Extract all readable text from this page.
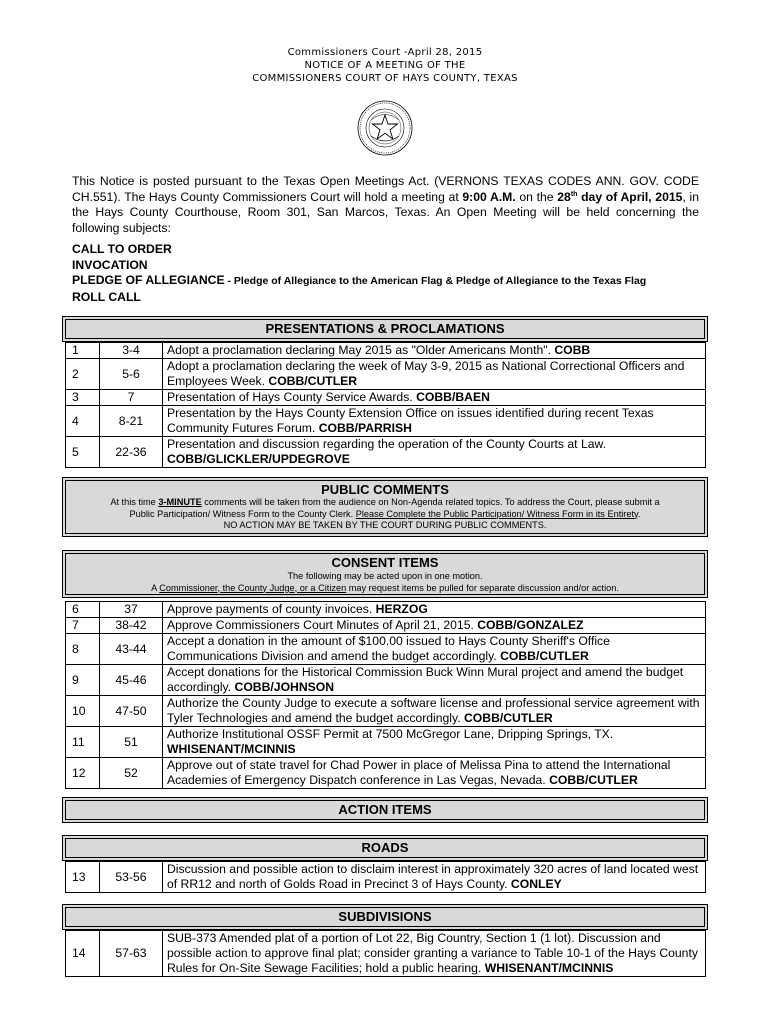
Commissioners Court -April 28, 2015
NOTICE OF A MEETING OF THE
COMMISSIONERS COURT OF HAYS COUNTY, TEXAS
This Notice is posted pursuant to the Texas Open Meetings Act. (VERNONS TEXAS CODES ANN. GOV. CODE CH.551). The Hays County Commissioners Court will hold a meeting at 9:00 A.M. on the 28th day of April, 2015, in the Hays County Courthouse, Room 301, San Marcos, Texas. An Open Meeting will be held concerning the following subjects:
CALL TO ORDER
INVOCATION
PLEDGE OF ALLEGIANCE - Pledge of Allegiance to the American Flag & Pledge of Allegiance to the Texas Flag
ROLL CALL
PRESENTATIONS & PROCLAMATIONS
1	3-4	Adopt a proclamation declaring May 2015 as "Older Americans Month". COBB
2	5-6	Adopt a proclamation declaring the week of May 3-9, 2015 as National Correctional Officers and Employees Week. COBB/CUTLER
3	7	Presentation of Hays County Service Awards. COBB/BAEN
4	8-21	Presentation by the Hays County Extension Office on issues identified during recent Texas Community Futures Forum. COBB/PARRISH
5	22-36	Presentation and discussion regarding the operation of the County Courts at Law. COBB/GLICKLER/UPDEGROVE
PUBLIC COMMENTS
At this time 3-MINUTE comments will be taken from the audience on Non-Agenda related topics. To address the Court, please submit a
Public Participation/ Witness Form to the County Clerk. Please Complete the Public Participation/ Witness Form in its Entirety.
NO ACTION MAY BE TAKEN BY THE COURT DURING PUBLIC COMMENTS.
CONSENT ITEMS
The following may be acted upon in one motion.
A Commissioner, the County Judge, or a Citizen may request items be pulled for separate discussion and/or action.
6	37	Approve payments of county invoices. HERZOG
7	38-42	Approve Commissioners Court Minutes of April 21, 2015. COBB/GONZALEZ
8	43-44	Accept a donation in the amount of $100.00 issued to Hays County Sheriff's Office Communications Division and amend the budget accordingly. COBB/CUTLER
9	45-46	Accept donations for the Historical Commission Buck Winn Mural project and amend the budget accordingly. COBB/JOHNSON
10	47-50	Authorize the County Judge to execute a software license and professional service agreement with Tyler Technologies and amend the budget accordingly. COBB/CUTLER
11	51	Authorize Institutional OSSF Permit at 7500 McGregor Lane, Dripping Springs, TX. WHISENANT/MCINNIS
12	52	Approve out of state travel for Chad Power in place of Melissa Pina to attend the International Academies of Emergency Dispatch conference in Las Vegas, Nevada. COBB/CUTLER
ACTION ITEMS
ROADS
13	53-56	Discussion and possible action to disclaim interest in approximately 320 acres of land located west of RR12 and north of Golds Road in Precinct 3 of Hays County. CONLEY
SUBDIVISIONS
14	57-63	SUB-373 Amended plat of a portion of Lot 22, Big Country, Section 1 (1 lot). Discussion and possible action to approve final plat; consider granting a variance to Table 10-1 of the Hays County Rules for On-Site Sewage Facilities; hold a public hearing. WHISENANT/MCINNIS
